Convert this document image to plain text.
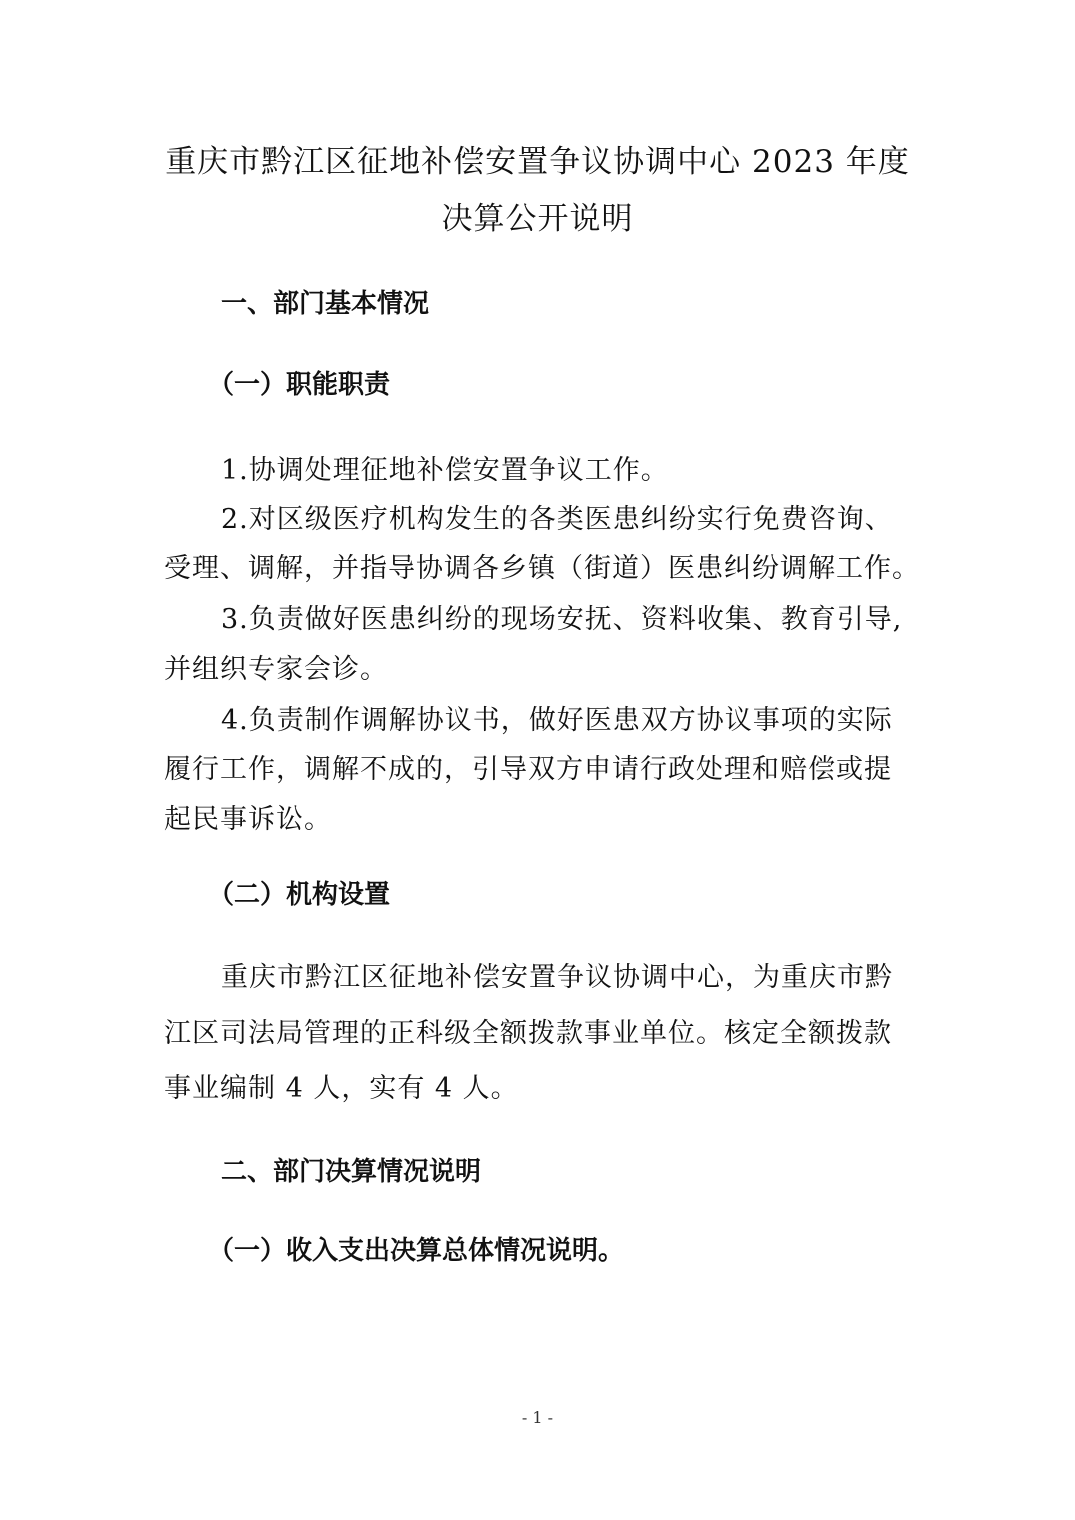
重庆市黔江区征地补偿安置争议协调中心 2023 年度
决算公开说明
一、部门基本情况
（一）职能职责
1.协调处理征地补偿安置争议工作。
2.对区级医疗机构发生的各类医患纠纷实行免费咨询、
受理、调解，并指导协调各乡镇（街道）医患纠纷调解工作。
3.负责做好医患纠纷的现场安抚、资料收集、教育引导,
并组织专家会诊。
4.负责制作调解协议书，做好医患双方协议事项的实际
履行工作，调解不成的，引导双方申请行政处理和赔偿或提
起民事诉讼。
（二）机构设置
重庆市黔江区征地补偿安置争议协调中心，为重庆市黔
江区司法局管理的正科级全额拨款事业单位。核定全额拨款
事业编制 4 人，实有 4 人。
二、部门决算情况说明
（一）收入支出决算总体情况说明。
- 1 -
